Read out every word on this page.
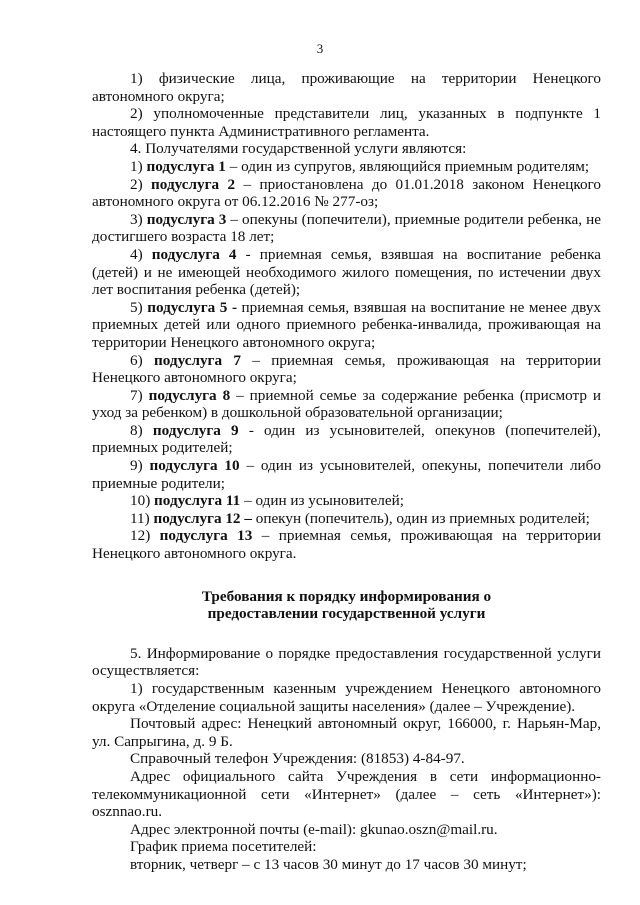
3

1) физические лица, проживающие на территории Ненецкого автономного округа;

2) уполномоченные представители лиц, указанных в подпункте 1 настоящего пункта Административного регламента.

4. Получателями государственной услуги являются:

1) подуслуга 1 – один из супругов, являющийся приемным родителям;

2) подуслуга 2 – приостановлена до 01.01.2018 законом Ненецкого автономного округа от 06.12.2016 № 277-оз;

3) подуслуга 3 – опекуны (попечители), приемные родители ребенка, не достигшего возраста 18 лет;

4) подуслуга 4 - приемная семья, взявшая на воспитание ребенка (детей) и не имеющей необходимого жилого помещения, по истечении двух лет воспитания ребенка (детей);

5) подуслуга 5 - приемная семья, взявшая на воспитание не менее двух приемных детей или одного приемного ребенка-инвалида, проживающая на территории Ненецкого автономного округа;

6) подуслуга 7 – приемная семья, проживающая на территории Ненецкого автономного округа;

7) подуслуга 8 – приемной семье за содержание ребенка (присмотр и уход за ребенком) в дошкольной образовательной организации;

8) подуслуга 9 - один из усыновителей, опекунов (попечителей), приемных родителей;

9) подуслуга 10 – один из усыновителей, опекуны, попечители либо приемные родители;

10) подуслуга 11 – один из усыновителей;

11) подуслуга 12 – опекун (попечитель), один из приемных родителей;

12) подуслуга 13 – приемная семья, проживающая на территории Ненецкого автономного округа.

Требования к порядку информирования о
предоставлении государственной услуги

5. Информирование о порядке предоставления государственной услуги осуществляется:

1) государственным казенным учреждением Ненецкого автономного округа «Отделение социальной защиты населения» (далее – Учреждение).

Почтовый адрес: Ненецкий автономный округ, 166000, г. Нарьян-Мар, ул. Сапрыгина, д. 9 Б.

Справочный телефон Учреждения: (81853) 4-84-97.

Адрес официального сайта Учреждения в сети информационно-телекоммуникационной сети «Интернет» (далее – сеть «Интернет»): osznnao.ru.

Адрес электронной почты (e-mail): gkunao.oszn@mail.ru.

График приема посетителей:

вторник, четверг – с 13 часов 30 минут до 17 часов 30 минут;
